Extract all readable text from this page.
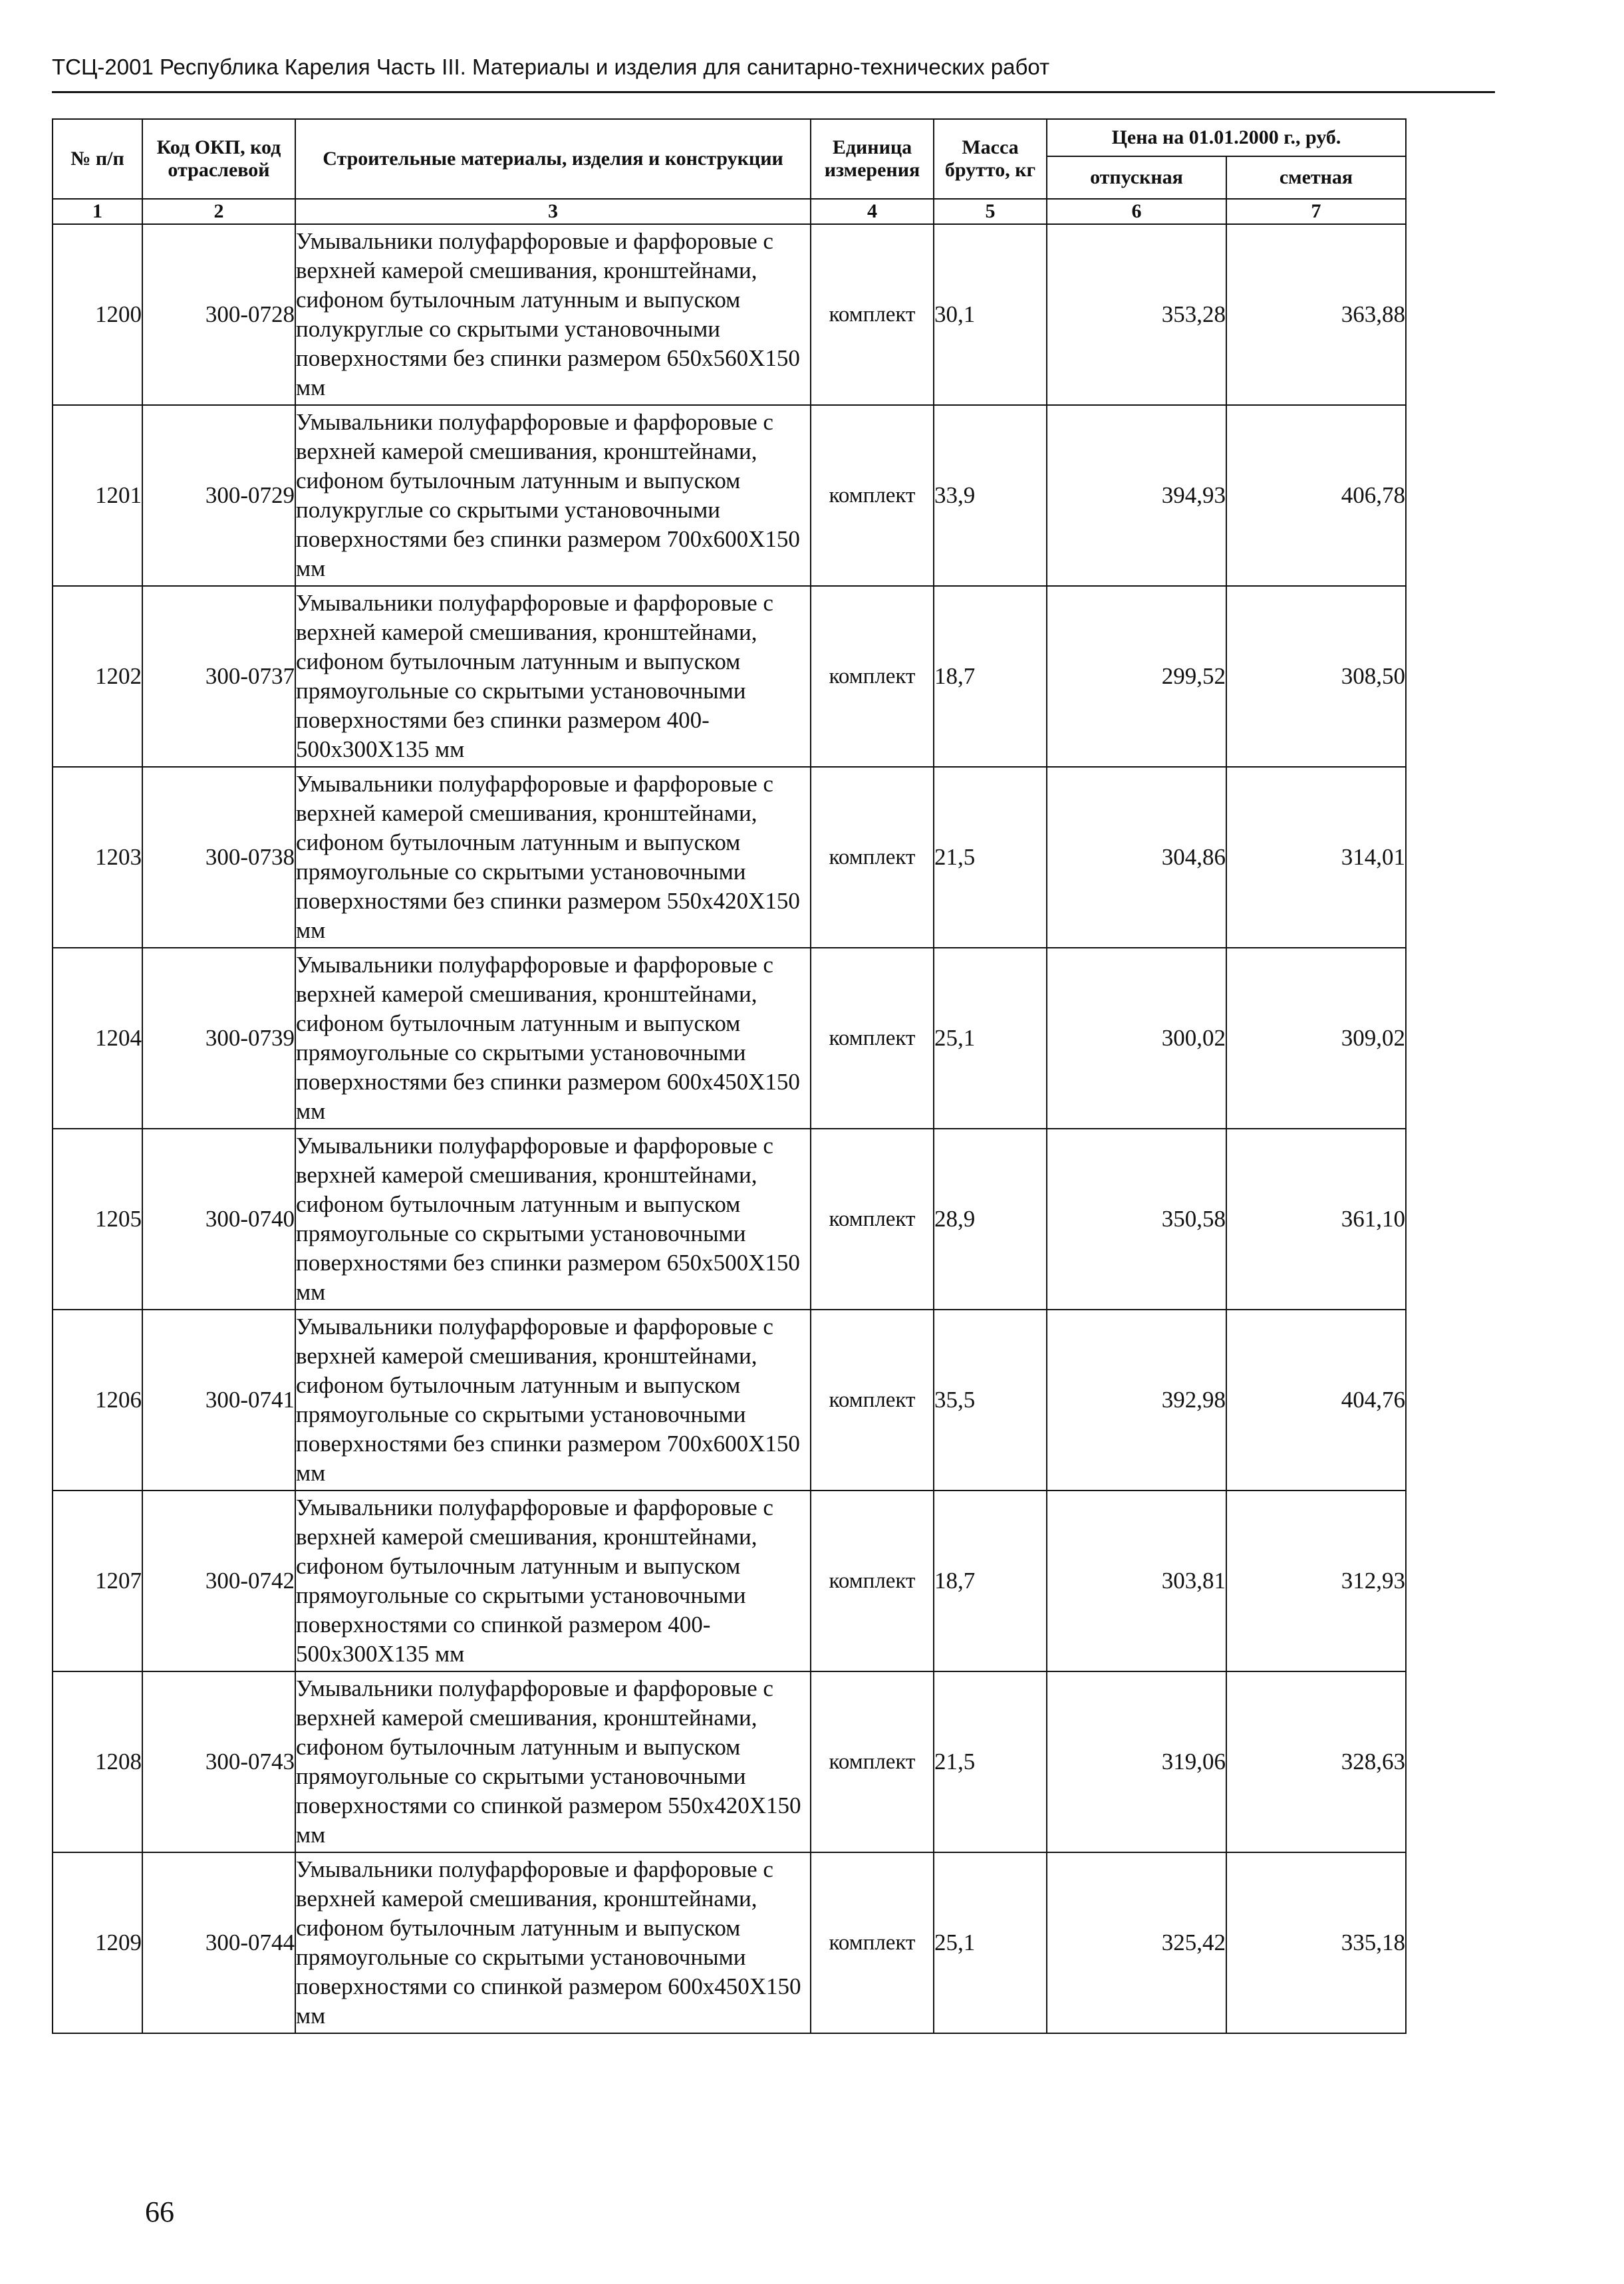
ТСЦ-2001 Республика Карелия Часть III. Материалы и изделия для санитарно-технических работ
№ п/п	Код ОКП, код отраслевой	Строительные материалы, изделия и конструкции	Единица измерения	Масса брутто, кг	Цена на 01.01.2000 г., руб.	
					отпускная	сметная
1	2	3	4	5	6	7
1200	300-0728	Умывальники полуфарфоровые и фарфоровые с верхней камерой смешивания, кронштейнами, сифоном бутылочным латунным и выпуском полукруглые со скрытыми установочными поверхностями без спинки размером 650х560Х150 мм	комплект	30,1	353,28	363,88
1201	300-0729	Умывальники полуфарфоровые и фарфоровые с верхней камерой смешивания, кронштейнами, сифоном бутылочным латунным и выпуском полукруглые со скрытыми установочными поверхностями без спинки размером 700х600Х150 мм	комплект	33,9	394,93	406,78
1202	300-0737	Умывальники полуфарфоровые и фарфоровые с верхней камерой смешивания, кронштейнами, сифоном бутылочным латунным и выпуском прямоугольные со скрытыми установочными поверхностями без спинки размером 400-500х300Х135 мм	комплект	18,7	299,52	308,50
1203	300-0738	Умывальники полуфарфоровые и фарфоровые с верхней камерой смешивания, кронштейнами, сифоном бутылочным латунным и выпуском прямоугольные со скрытыми установочными поверхностями без спинки размером 550х420Х150 мм	комплект	21,5	304,86	314,01
1204	300-0739	Умывальники полуфарфоровые и фарфоровые с верхней камерой смешивания, кронштейнами, сифоном бутылочным латунным и выпуском прямоугольные со скрытыми установочными поверхностями без спинки размером 600х450Х150 мм	комплект	25,1	300,02	309,02
1205	300-0740	Умывальники полуфарфоровые и фарфоровые с верхней камерой смешивания, кронштейнами, сифоном бутылочным латунным и выпуском прямоугольные со скрытыми установочными поверхностями без спинки размером 650х500Х150 мм	комплект	28,9	350,58	361,10
1206	300-0741	Умывальники полуфарфоровые и фарфоровые с верхней камерой смешивания, кронштейнами, сифоном бутылочным латунным и выпуском прямоугольные со скрытыми установочными поверхностями без спинки размером 700х600Х150 мм	комплект	35,5	392,98	404,76
1207	300-0742	Умывальники полуфарфоровые и фарфоровые с верхней камерой смешивания, кронштейнами, сифоном бутылочным латунным и выпуском прямоугольные со скрытыми установочными поверхностями со спинкой размером 400-500х300Х135 мм	комплект	18,7	303,81	312,93
1208	300-0743	Умывальники полуфарфоровые и фарфоровые с верхней камерой смешивания, кронштейнами, сифоном бутылочным латунным и выпуском прямоугольные со скрытыми установочными поверхностями со спинкой размером 550х420Х150 мм	комплект	21,5	319,06	328,63
1209	300-0744	Умывальники полуфарфоровые и фарфоровые с верхней камерой смешивания, кронштейнами, сифоном бутылочным латунным и выпуском прямоугольные со скрытыми установочными поверхностями со спинкой размером 600х450Х150 мм	комплект	25,1	325,42	335,18
66
